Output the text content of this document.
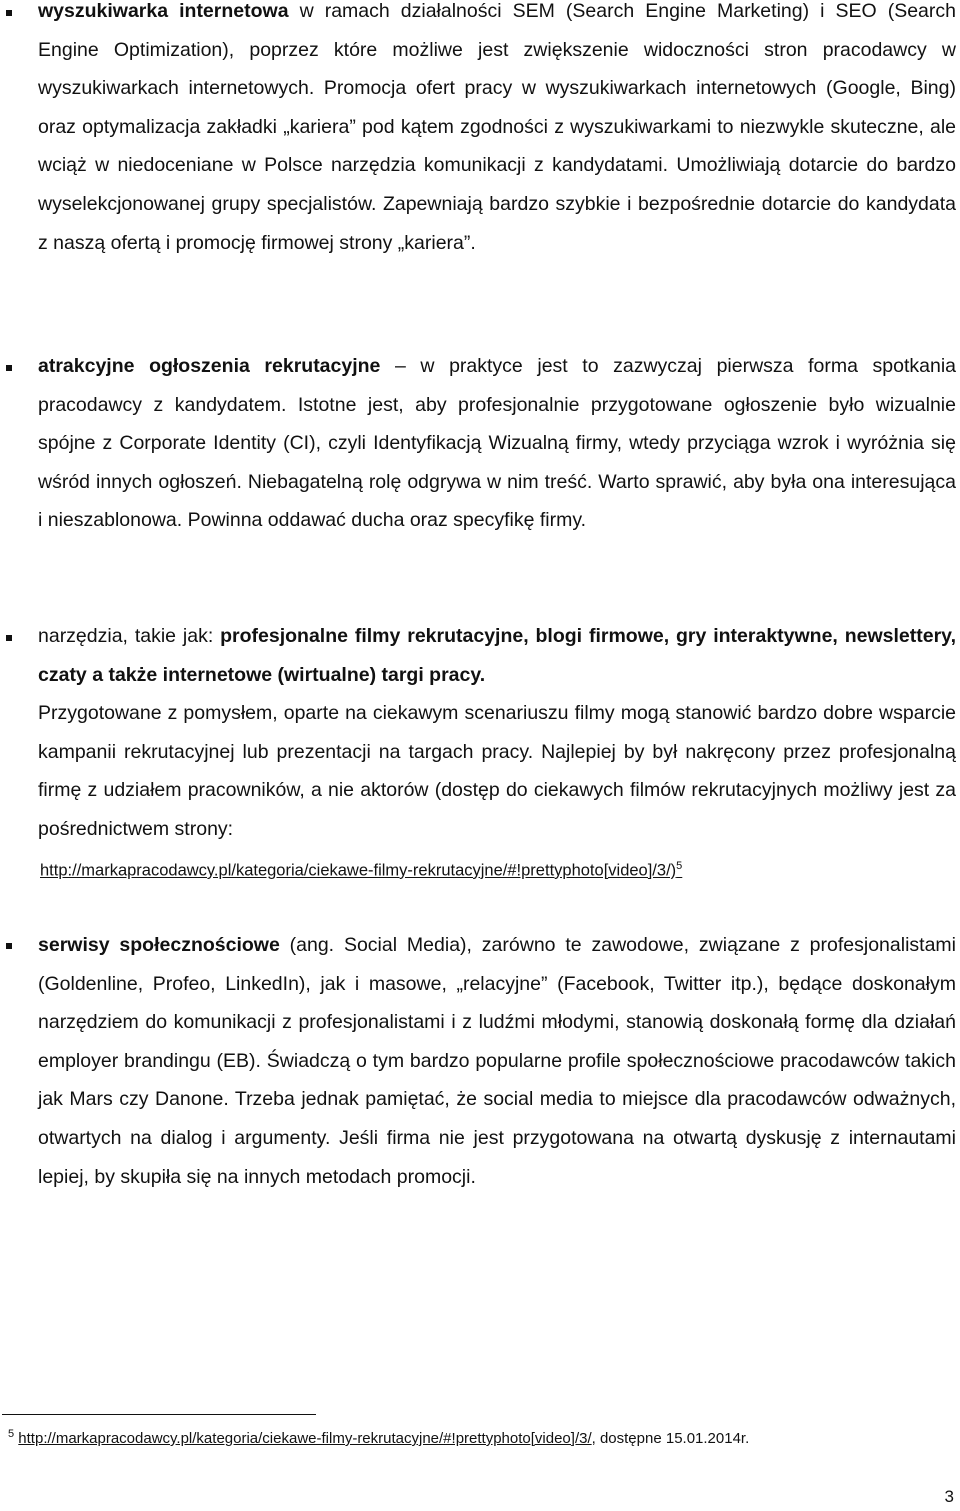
wyszukiwarka internetowa w ramach działalności SEM (Search Engine Marketing) i SEO (Search Engine Optimization), poprzez które możliwe jest zwiększenie widoczności stron pracodawcy w wyszukiwarkach internetowych. Promocja ofert pracy w wyszukiwarkach internetowych (Google, Bing) oraz optymalizacja zakładki „kariera” pod kątem zgodności z wyszukiwarkami to niezwykle skuteczne, ale wciąż w niedoceniane w Polsce narzędzia komunikacji z kandydatami. Umożliwiają dotarcie do bardzo wyselekcjonowanej grupy specjalistów. Zapewniają bardzo szybkie i bezpośrednie dotarcie do kandydata z naszą ofertą i promocję firmowej strony „kariera”.
atrakcyjne ogłoszenia rekrutacyjne – w praktyce jest to zazwyczaj pierwsza forma spotkania pracodawcy z kandydatem. Istotne jest, aby profesjonalnie przygotowane ogłoszenie było wizualnie spójne z Corporate Identity (CI), czyli Identyfikacją Wizualną firmy, wtedy przyciąga wzrok i wyróżnia się wśród innych ogłoszeń. Niebagatelną rolę odgrywa w nim treść. Warto sprawić, aby była ona interesująca i nieszablonowa. Powinna oddawać ducha oraz specyfikę firmy.
narzędzia, takie jak: profesjonalne filmy rekrutacyjne, blogi firmowe, gry interaktywne, newslettery, czaty a także internetowe (wirtualne) targi pracy.
Przygotowane z pomysłem, oparte na ciekawym scenariuszu filmy mogą stanowić bardzo dobre wsparcie kampanii rekrutacyjnej lub prezentacji na targach pracy. Najlepiej by był nakręcony przez profesjonalną firmę z udziałem pracowników, a nie aktorów (dostęp do ciekawych filmów rekrutacyjnych możliwy jest za pośrednictwem strony:
http://markapracodawcy.pl/kategoria/ciekawe-filmy-rekrutacyjne/#!prettyphoto[video]/3/)$^5$
serwisy społecznościowe (ang. Social Media), zarówno te zawodowe, związane z profesjonalistami (Goldenline, Profeo, LinkedIn), jak i masowe, „relacyjne” (Facebook, Twitter itp.), będące doskonałym narzędziem do komunikacji z profesjonalistami i z ludźmi młodymi, stanowią doskonałą formę dla działań employer brandingu (EB). Świadczą o tym bardzo popularne profile społecznościowe pracodawców takich jak Mars czy Danone. Trzeba jednak pamiętać, że social media to miejsce dla pracodawców odważnych, otwartych na dialog i argumenty. Jeśli firma nie jest przygotowana na otwartą dyskusję z internautami lepiej, by skupiła się na innych metodach promocji.
$^5$ http://markapracodawcy.pl/kategoria/ciekawe-filmy-rekrutacyjne/#!prettyphoto[video]/3/, dostępne 15.01.2014r.
3
